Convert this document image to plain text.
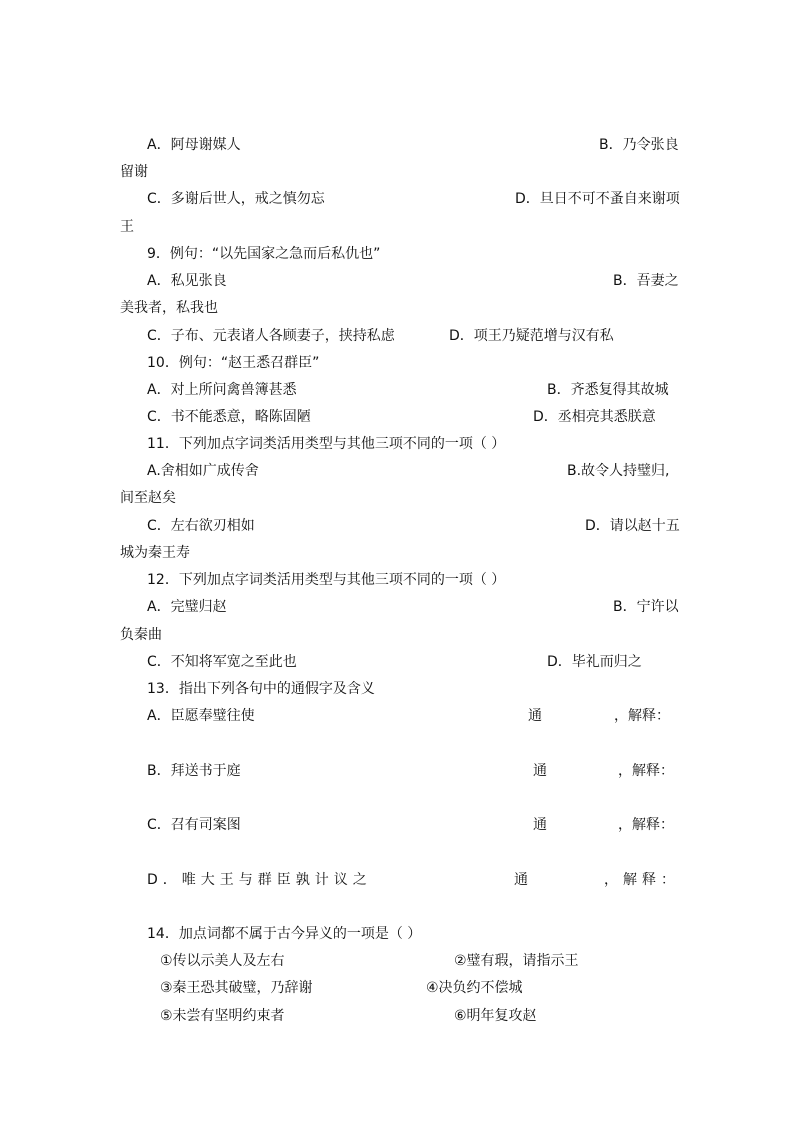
A．阿母谢媒人	B．乃令张良
留谢
C．多谢后世人，戒之慎勿忘	D．旦日不可不蚤自来谢项
王
9．例句：“以先国家之急而后私仇也”
A．私见张良	B．吾妻之
美我者，私我也
C．子布、元表诸人各顾妻子，挟持私虑	D．项王乃疑范增与汉有私
10．例句：“赵王悉召群臣”
A．对上所问禽兽簿甚悉	B．齐悉复得其故城
C．书不能悉意，略陈固陋	D．丞相亮其悉朕意
11．下列加点字词类活用类型与其他三项不同的一项（ ）
A.舍相如广成传舍	B.故令人持璧归,
间至赵矣
C．左右欲刃相如	D．请以赵十五
城为秦王寿
12．下列加点字词类活用类型与其他三项不同的一项（ ）
A．完璧归赵	B．宁许以
负秦曲
C．不知将军宽之至此也	D．毕礼而归之
13．指出下列各句中的通假字及含义
A．臣愿奉璧往使	通	，解释：
B．拜送书于庭	通	，解释：
C．召有司案图	通	，解释：
D．唯大王与群臣孰计议之	通	，解释：
14．加点词都不属于古今异义的一项是（ ）
①传以示美人及左右	②璧有瑕，请指示王
③秦王恐其破璧，乃辞谢	④决负约不偿城
⑤未尝有坚明约束者	⑥明年复攻赵
